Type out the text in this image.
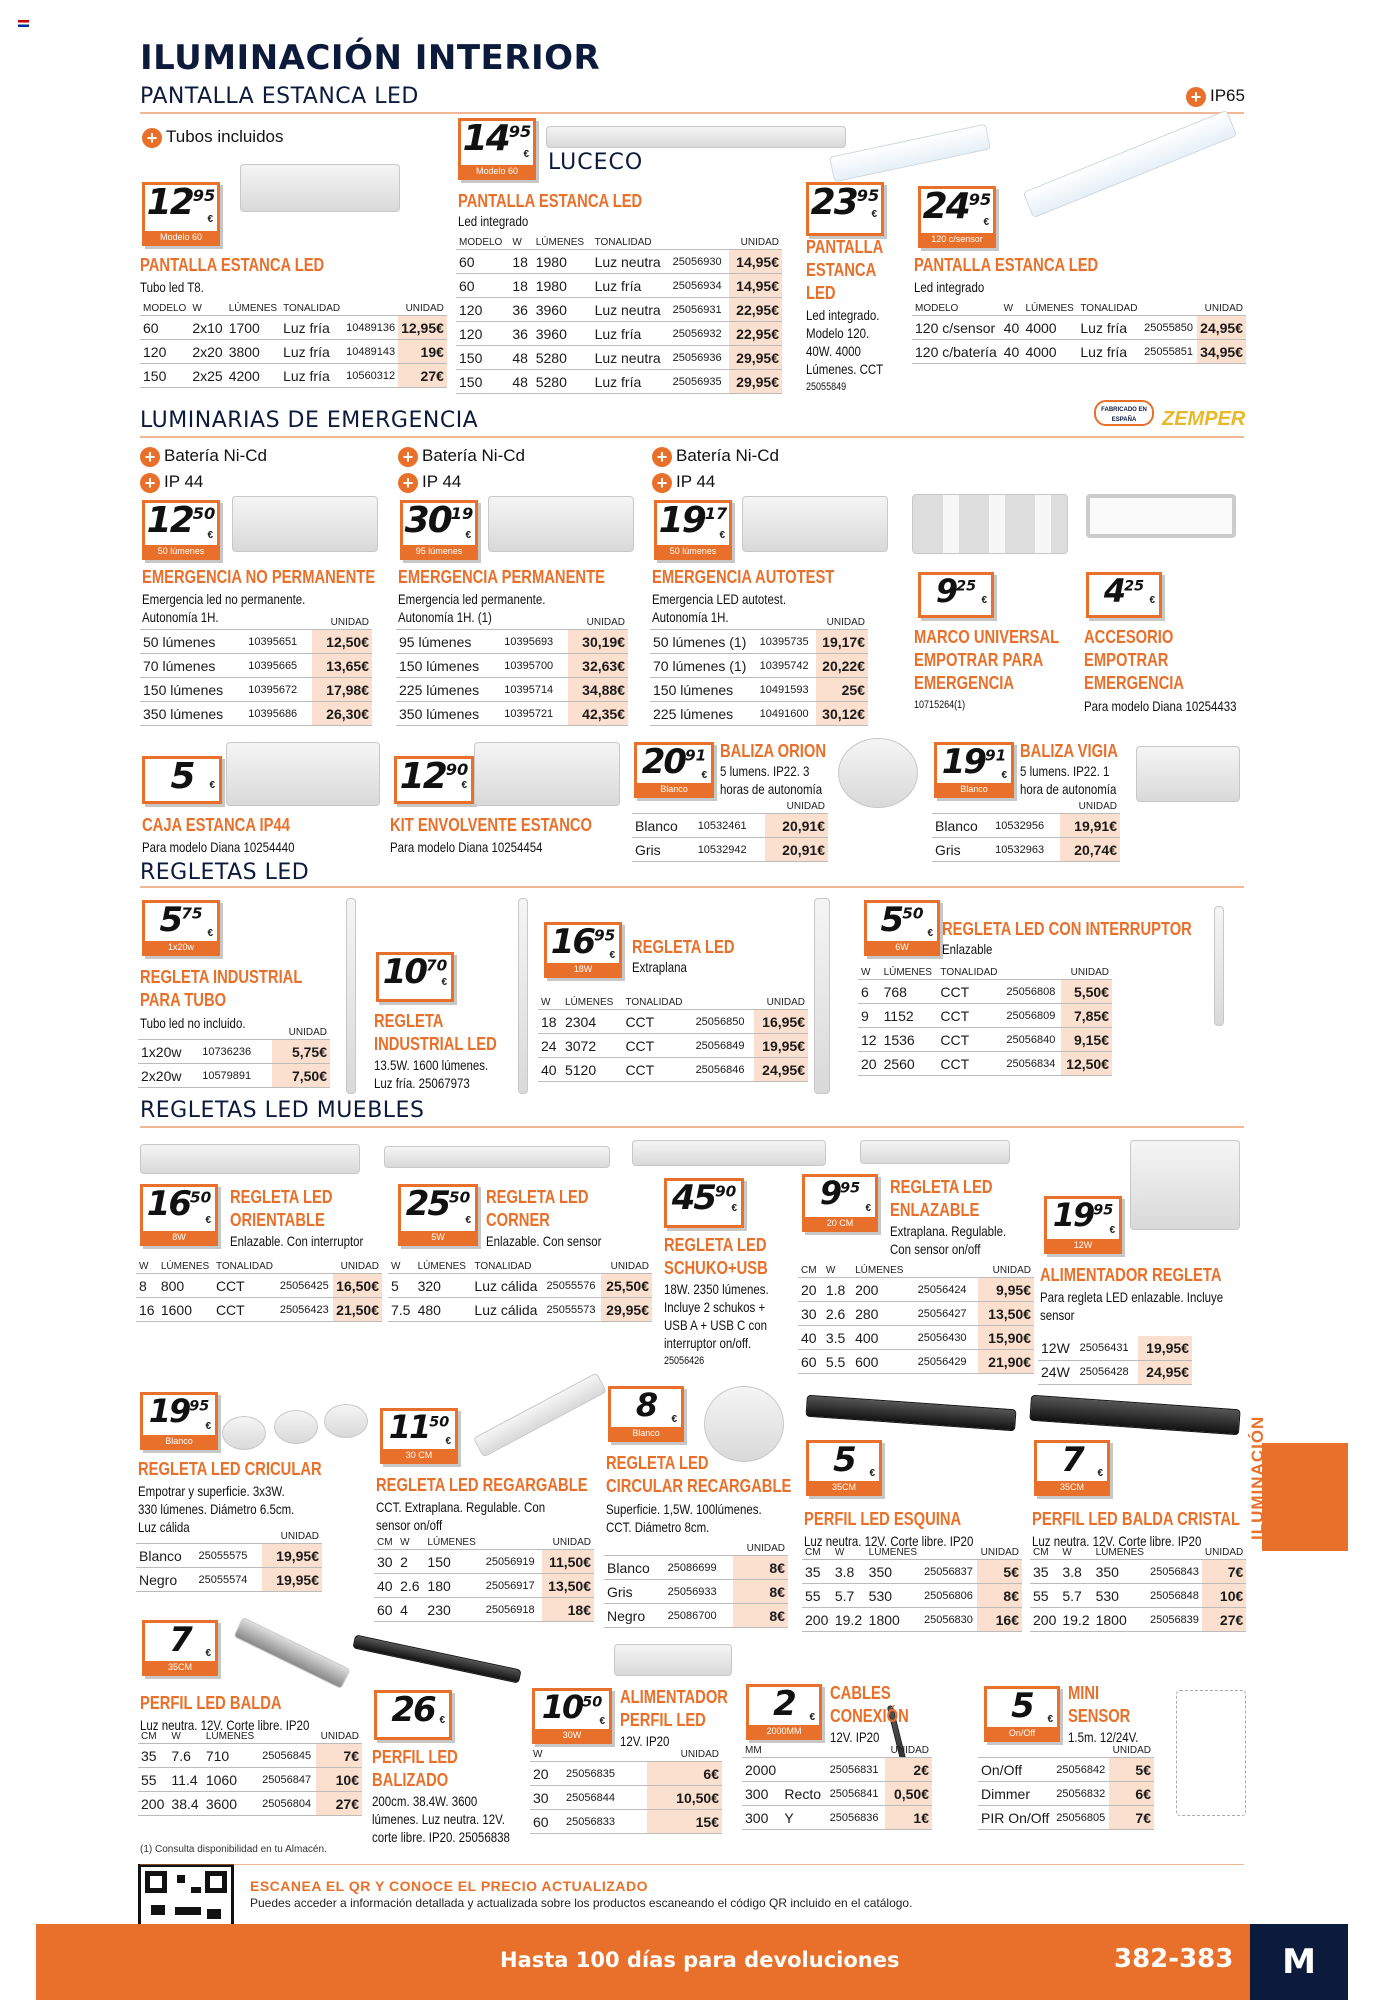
ILUMINACIÓN INTERIOR
PANTALLA ESTANCA LED	+ IP65
+ Tubos incluidos
$12^{95}$
€
Modelo 60
PANTALLA ESTANCA LED
Tubo led T8.
MODELO	W	LÚMENES	TONALIDAD		UNIDAD
60	2x10	1700	Luz fría	10489136	12,95€
120	2x20	3800	Luz fría	10489143	19€
150	2x25	4200	Luz fría	10560312	27€
$14^{95}$
€
Modelo 60	LUCECO
PANTALLA ESTANCA LED
Led integrado
MODELO	W	LÚMENES	TONALIDAD		UNIDAD
60	18	1980	Luz neutra	25056930	14,95€
60	18	1980	Luz fría	25056934	14,95€
120	36	3960	Luz neutra	25056931	22,95€
120	36	3960	Luz fría	25056932	22,95€
150	48	5280	Luz neutra	25056936	29,95€
150	48	5280	Luz fría	25056935	29,95€
$23^{95}$
€
PANTALLA
ESTANCA
LED
Led integrado.
Modelo 120.
40W. 4000
Lúmenes. CCT
25055849
$24^{95}$
€
120 c/sensor
PANTALLA ESTANCA LED
Led integrado
MODELO	W	LÚMENES	TONALIDAD		UNIDAD
120 c/sensor	40	4000	Luz fría	25055850	24,95€
120 c/batería	40	4000	Luz fría	25055851	34,95€
LUMINARIAS DE EMERGENCIA	FABRICADO EN ESPAÑA	ZEMPER
+ Batería Ni-Cd
+ IP 44
+ Batería Ni-Cd
+ IP 44
+ Batería Ni-Cd
+ IP 44
$12^{50}$
€
50 lúmenes
$30^{19}$
€
95 lúmenes
$19^{17}$
€
50 lúmenes
EMERGENCIA NO PERMANENTE
Emergencia led no permanente.
Autonomía 1H.
			UNIDAD
50 lúmenes	10395651	12,50€
70 lúmenes	10395665	13,65€
150 lúmenes	10395672	17,98€
350 lúmenes	10395686	26,30€
EMERGENCIA PERMANENTE
Emergencia led permanente.
Autonomía 1H. (1)
			UNIDAD
95 lúmenes	10395693	30,19€
150 lúmenes	10395700	32,63€
225 lúmenes	10395714	34,88€
350 lúmenes	10395721	42,35€
EMERGENCIA AUTOTEST
Emergencia LED autotest.
Autonomía 1H.
			UNIDAD
50 lúmenes (1)	10395735	19,17€
70 lúmenes (1)	10395742	20,22€
150 lúmenes	10491593	25€
225 lúmenes	10491600	30,12€
$9^{25}$
€	$4^{25}$
€
MARCO UNIVERSAL
EMPOTRAR PARA
EMERGENCIA
10715264(1)
ACCESORIO
EMPOTRAR
EMERGENCIA
Para modelo Diana 10254433
5 €
CAJA ESTANCA IP44
Para modelo Diana 10254440
$12^{90}$
€
KIT ENVOLVENTE ESTANCO
Para modelo Diana 10254454
$20^{91}$
€
Blanco
BALIZA ORION
5 lumens. IP22. 3
horas de autonomía
		UNIDAD
Blanco	10532461	20,91€
Gris	10532942	20,91€
$19^{91}$
€
Blanco
BALIZA VIGIA
5 lumens. IP22. 1
hora de autonomía
		UNIDAD
Blanco	10532956	19,91€
Gris	10532963	20,74€
REGLETAS LED
$5^{75}$
€
1x20w
REGLETA INDUSTRIAL
PARA TUBO
Tubo led no incluido.
		UNIDAD
1x20w	10736236	5,75€
2x20w	10579891	7,50€
$10^{70}$
€
REGLETA
INDUSTRIAL LED
13.5W. 1600 lúmenes.
Luz fría. 25067973
$16^{95}$
€
18W
REGLETA LED
Extraplana
W	LÚMENES	TONALIDAD		UNIDAD
18	2304	CCT	25056850	16,95€
24	3072	CCT	25056849	19,95€
40	5120	CCT	25056846	24,95€
$5^{50}$
€
6W
REGLETA LED CON INTERRUPTOR
Enlazable
W	LÚMENES	TONALIDAD		UNIDAD
6	768	CCT	25056808	5,50€
9	1152	CCT	25056809	7,85€
12	1536	CCT	25056840	9,15€
20	2560	CCT	25056834	12,50€
REGLETAS LED MUEBLES
$16^{50}$
€
8W
REGLETA LED
ORIENTABLE
Enlazable. Con interruptor
W	LÚMENES	TONALIDAD		UNIDAD
8	800	CCT	25056425	16,50€
16	1600	CCT	25056423	21,50€
$25^{50}$
€
5W
REGLETA LED
CORNER
Enlazable. Con sensor
W	LÚMENES	TONALIDAD		UNIDAD
5	320	Luz cálida	25055576	25,50€
7.5	480	Luz cálida	25055573	29,95€
$45^{90}$
€
REGLETA LED
SCHUKO+USB
18W. 2350 lúmenes.
Incluye 2 schukos +
USB A + USB C con
interruptor on/off.
25056426
$9^{95}$
€
20 CM
REGLETA LED
ENLAZABLE
Extraplana. Regulable.
Con sensor on/off
CM	W	LÚMENES		UNIDAD
20	1.8	200	25056424	9,95€
30	2.6	280	25056427	13,50€
40	3.5	400	25056430	15,90€
60	5.5	600	25056429	21,90€
$19^{95}$
€
12W
ALIMENTADOR REGLETA
Para regleta LED enlazable. Incluye
sensor
12W	25056431	19,95€
24W	25056428	24,95€
$19^{95}$
€
Blanco
REGLETA LED CRICULAR
Empotrar y superficie. 3x3W.
330 lúmenes. Diámetro 6.5cm.
Luz cálida
		UNIDAD
Blanco	25055575	19,95€
Negro	25055574	19,95€
$11^{50}$
€
30 CM
REGLETA LED REGARGABLE
CCT. Extraplana. Regulable. Con
sensor on/off
CM	W	LÚMENES		UNIDAD
30	2	150	25056919	11,50€
40	2.6	180	25056917	13,50€
60	4	230	25056918	18€
8 €
Blanco
REGLETA LED
CIRCULAR RECARGABLE
Superficie. 1,5W. 100lúmenes.
CCT. Diámetro 8cm.
		UNIDAD
Blanco	25086699	8€
Gris	25056933	8€
Negro	25086700	8€
5 €
35CM
PERFIL LED ESQUINA
Luz neutra. 12V. Corte libre. IP20
CM	W	LÚMENES		UNIDAD
35	3.8	350	25056837	5€
55	5.7	530	25056806	8€
200	19.2	1800	25056830	16€
7 €
35CM
PERFIL LED BALDA CRISTAL
Luz neutra. 12V. Corte libre. IP20
CM	W	LÚMENES		UNIDAD
35	3.8	350	25056843	7€
55	5.7	530	25056848	10€
200	19.2	1800	25056839	27€
7 €
35CM
PERFIL LED BALDA
Luz neutra. 12V. Corte libre. IP20
CM	W	LÚMENES		UNIDAD
35	7.6	710	25056845	7€
55	11.4	1060	25056847	10€
200	38.4	3600	25056804	27€
26 €
PERFIL LED
BALIZADO
200cm. 38.4W. 3600
lúmenes. Luz neutra. 12V.
corte libre. IP20. 25056838
$10^{50}$
€
30W
ALIMENTADOR
PERFIL LED
12V. IP20
W		UNIDAD
20	25056835	6€
30	25056844	10,50€
60	25056833	15€
2 €
2000MM
CABLES
CONEXIÓN
12V. IP20
MM			UNIDAD
2000		25056831	2€
300	Recto	25056841	0,50€
300	Y	25056836	1€
5 €
On/Off
MINI
SENSOR
1.5m. 12/24V.
		UNIDAD
On/Off	25056842	5€
Dimmer	25056832	6€
PIR On/Off	25056805	7€
(1) Consulta disponibilidad en tu Almacén.
ILUMINACIÓN
ESCANEA EL QR Y CONOCE EL PRECIO ACTUALIZADO
Puedes acceder a información detallada y actualizada sobre los productos escaneando el código QR incluido en el catálogo.
Hasta 100 días para devoluciones	382-383	M
